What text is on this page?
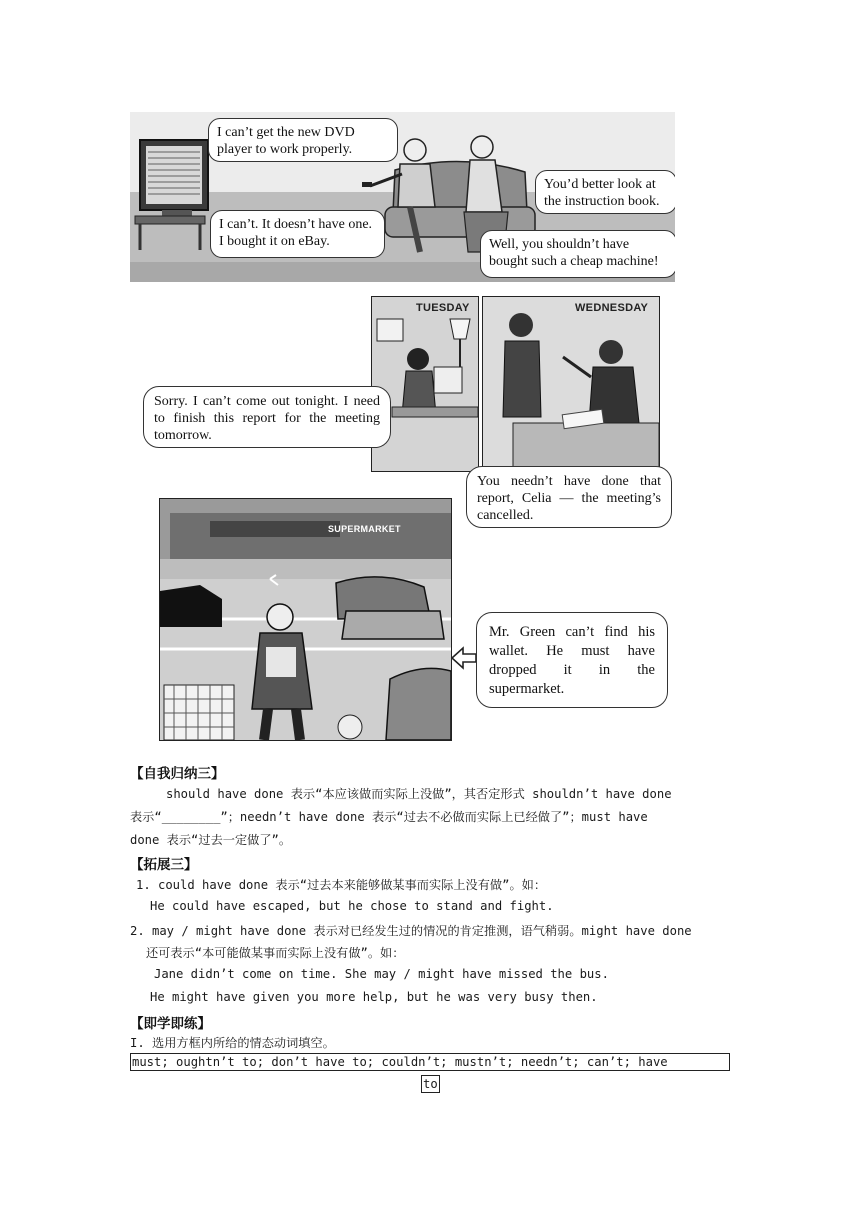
I can’t get the new DVD player to work properly.
You’d better look at the instruction book.
I can’t. It doesn’t have one. I bought it on eBay.	Well, you shouldn’t have bought such a cheap machine!
TUESDAY	WEDNESDAY
Sorry. I can’t come out tonight. I need to finish this report for the meeting tomorrow.
You needn’t have done that report, Celia — the meeting’s cancelled.
SUPERMARKET
Mr. Green can’t find his wallet. He must have dropped it in the supermarket.
【自我归纳三】
should have done 表示“本应该做而实际上没做”，其否定形式 shouldn’t have done
表示“________”；needn’t have done 表示“过去不必做而实际上已经做了”；must have
done 表示“过去一定做了”。
【拓展三】
1. could have done 表示“过去本来能够做某事而实际上没有做”。如：
He could have escaped, but he chose to stand and fight.
2. may / might have done 表示对已经发生过的情况的肯定推测，语气稍弱。might have done
还可表示“本可能做某事而实际上没有做”。如：
Jane didn’t come on time. She may / might have missed the bus.
He might have given you more help, but he was very busy then.
【即学即练】
I. 选用方框内所给的情态动词填空。
must; oughtn’t to; don’t have to; couldn’t; mustn’t; needn’t; can’t; have
to
